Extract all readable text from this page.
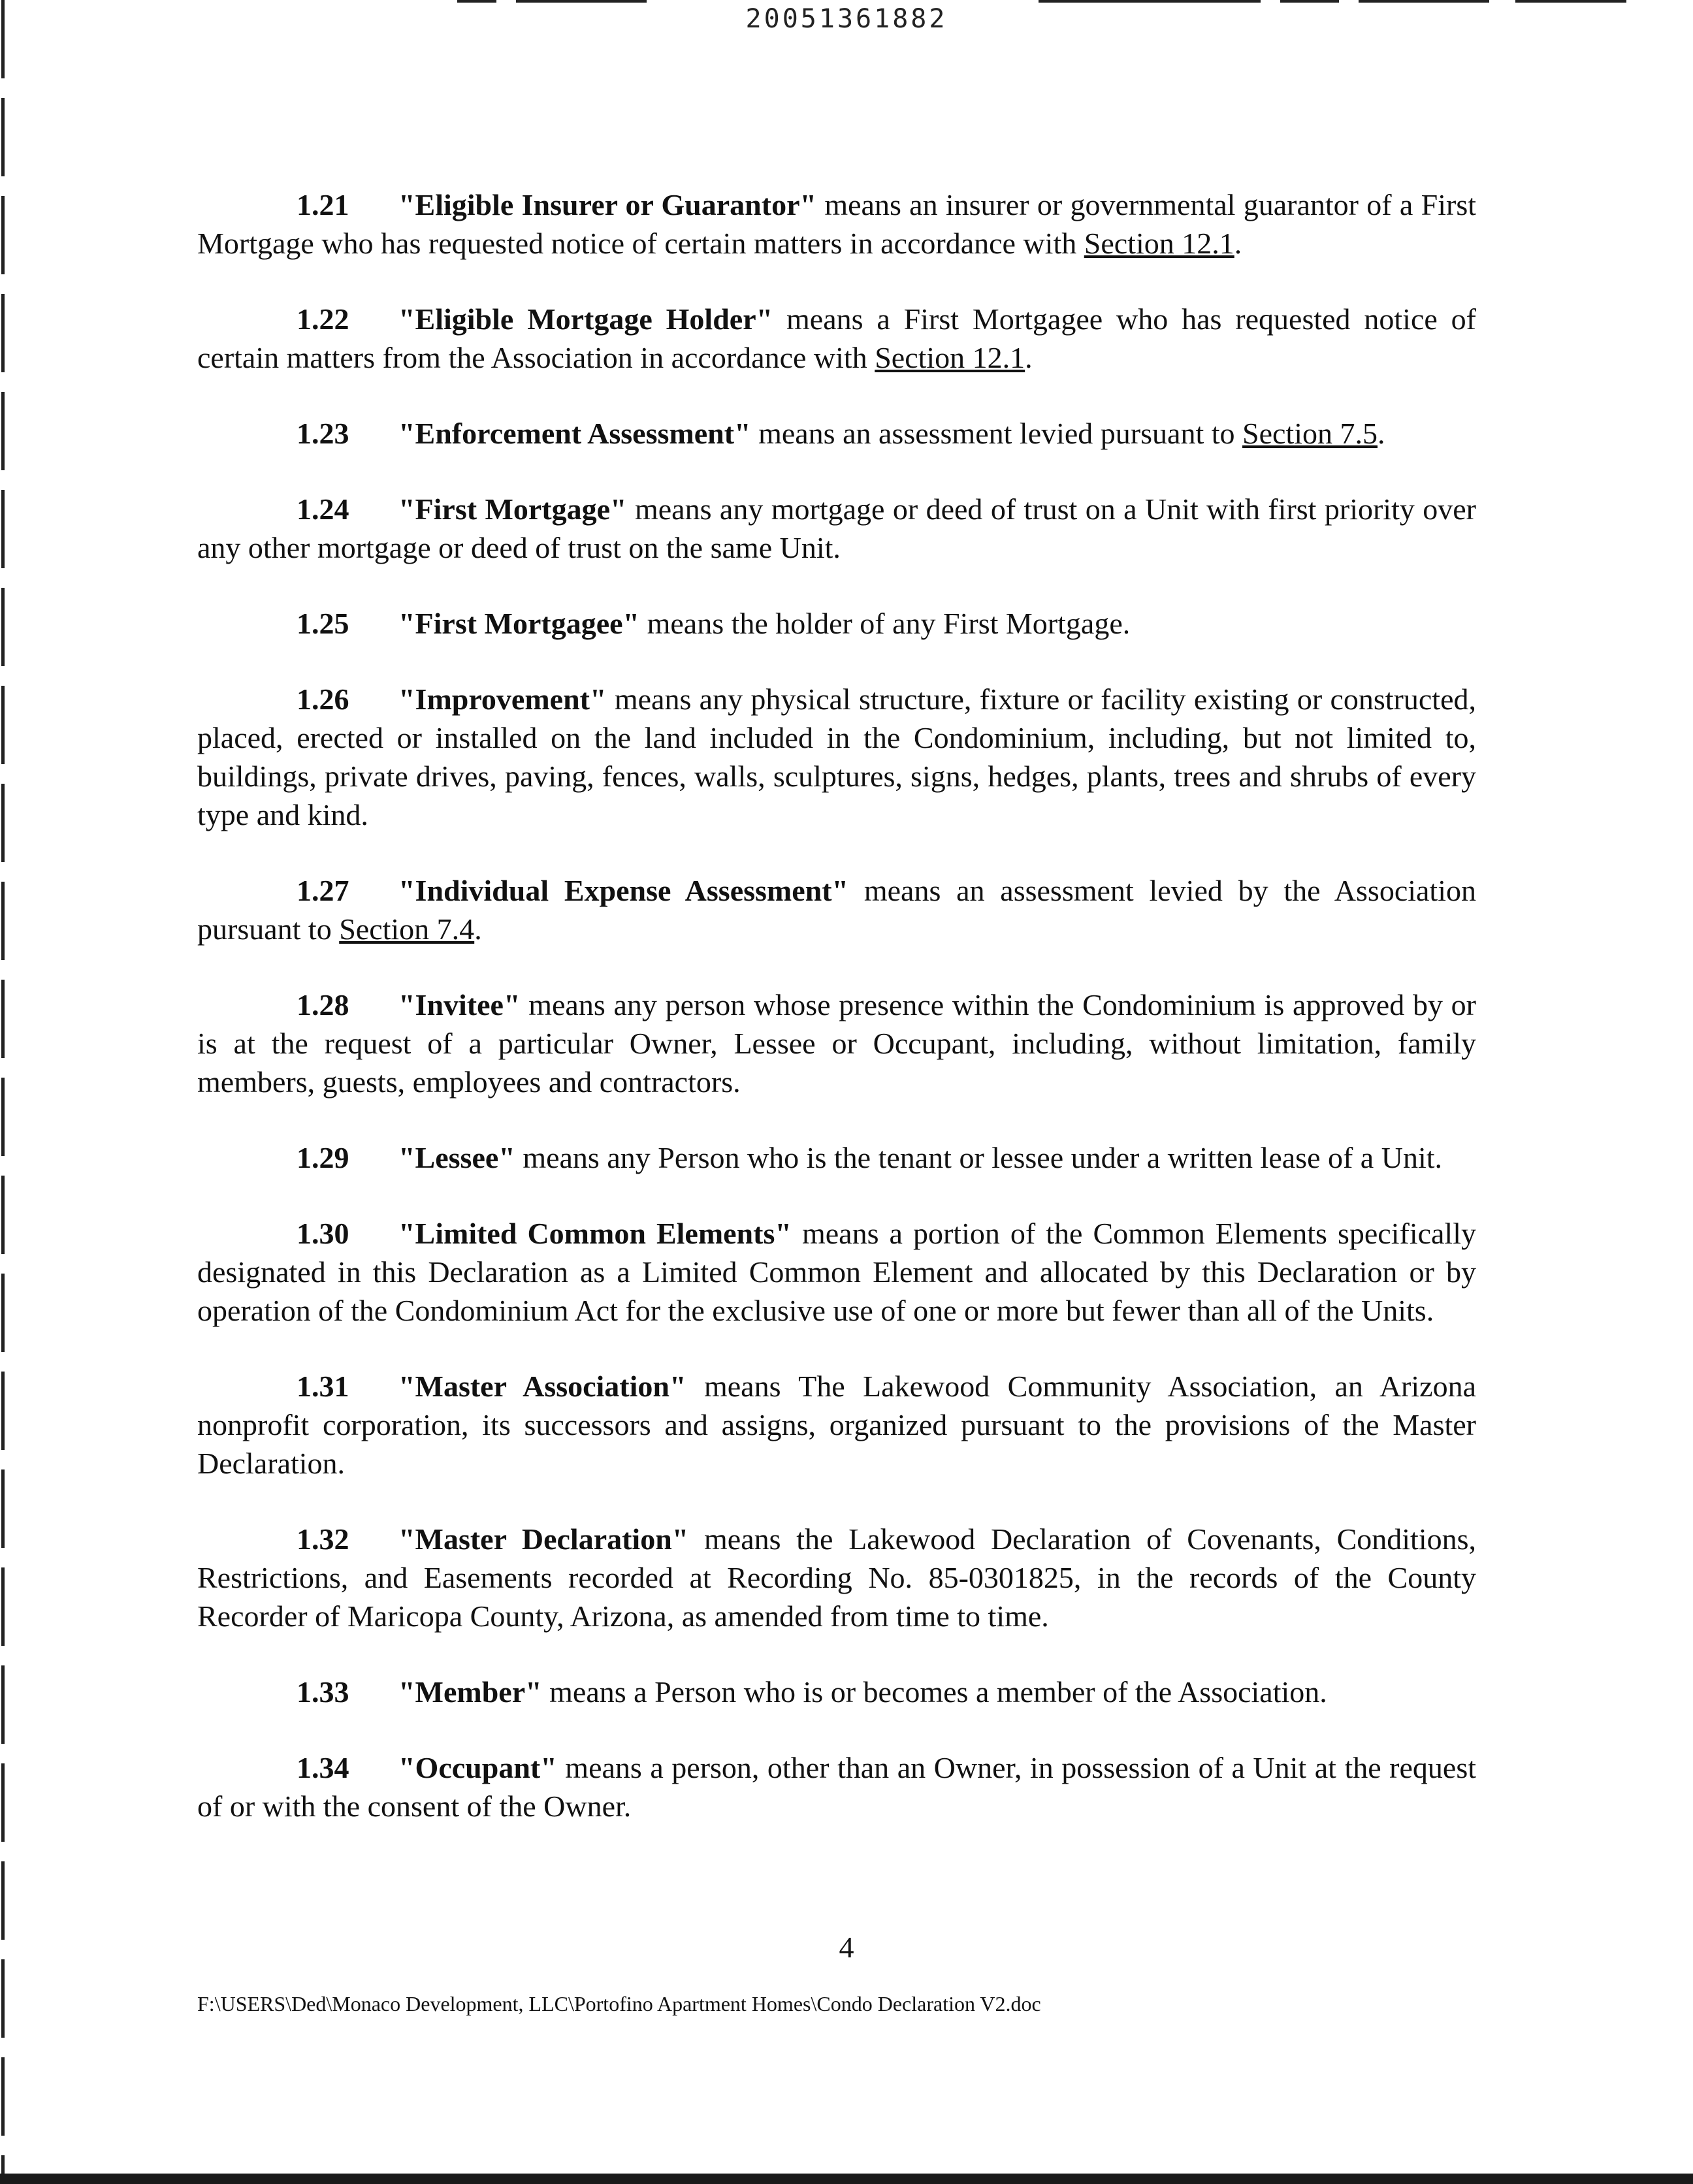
20051361882

1.21 "Eligible Insurer or Guarantor" means an insurer or governmental guarantor of a First Mortgage who has requested notice of certain matters in accordance with Section 12.1.

1.22 "Eligible Mortgage Holder" means a First Mortgagee who has requested notice of certain matters from the Association in accordance with Section 12.1.

1.23 "Enforcement Assessment" means an assessment levied pursuant to Section 7.5.

1.24 "First Mortgage" means any mortgage or deed of trust on a Unit with first priority over any other mortgage or deed of trust on the same Unit.

1.25 "First Mortgagee" means the holder of any First Mortgage.

1.26 "Improvement" means any physical structure, fixture or facility existing or constructed, placed, erected or installed on the land included in the Condominium, including, but not limited to, buildings, private drives, paving, fences, walls, sculptures, signs, hedges, plants, trees and shrubs of every type and kind.

1.27 "Individual Expense Assessment" means an assessment levied by the Association pursuant to Section 7.4.

1.28 "Invitee" means any person whose presence within the Condominium is approved by or is at the request of a particular Owner, Lessee or Occupant, including, without limitation, family members, guests, employees and contractors.

1.29 "Lessee" means any Person who is the tenant or lessee under a written lease of a Unit.

1.30 "Limited Common Elements" means a portion of the Common Elements specifically designated in this Declaration as a Limited Common Element and allocated by this Declaration or by operation of the Condominium Act for the exclusive use of one or more but fewer than all of the Units.

1.31 "Master Association" means The Lakewood Community Association, an Arizona nonprofit corporation, its successors and assigns, organized pursuant to the provisions of the Master Declaration.

1.32 "Master Declaration" means the Lakewood Declaration of Covenants, Conditions, Restrictions, and Easements recorded at Recording No. 85-0301825, in the records of the County Recorder of Maricopa County, Arizona, as amended from time to time.

1.33 "Member" means a Person who is or becomes a member of the Association.

1.34 "Occupant" means a person, other than an Owner, in possession of a Unit at the request of or with the consent of the Owner.

4
F:\USERS\Ded\Monaco Development, LLC\Portofino Apartment Homes\Condo Declaration V2.doc
